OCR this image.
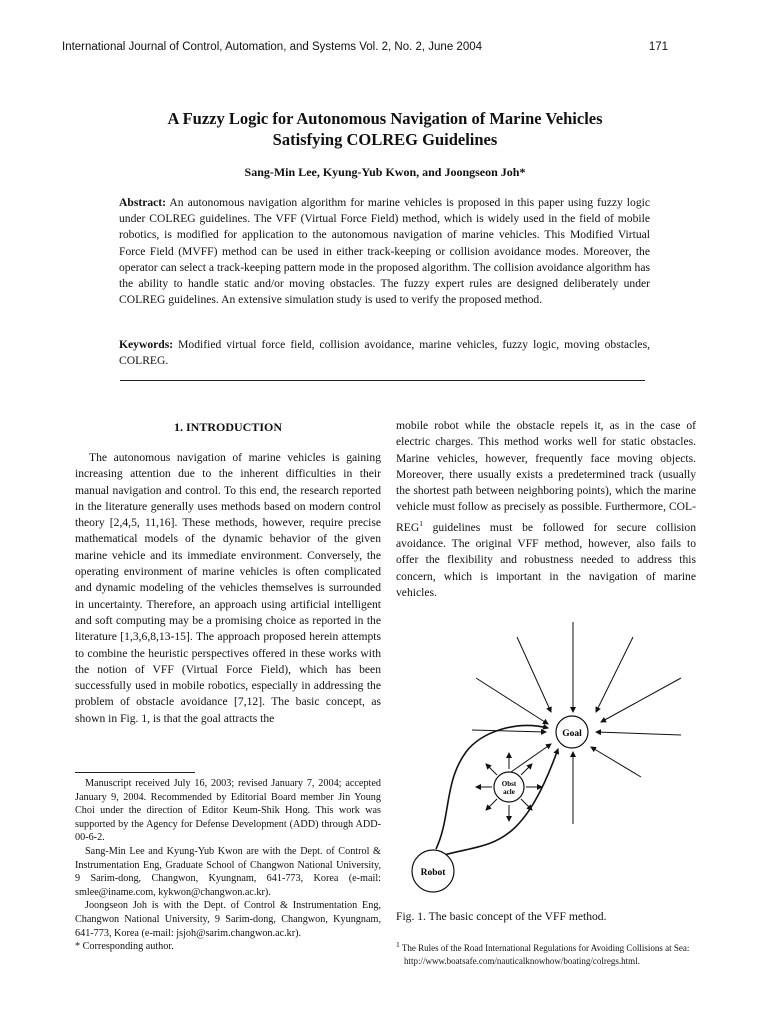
International Journal of Control, Automation, and Systems Vol. 2, No. 2, June 2004	171
A Fuzzy Logic for Autonomous Navigation of Marine Vehicles
Satisfying COLREG Guidelines
Sang-Min Lee, Kyung-Yub Kwon, and Joongseon Joh*
Abstract: An autonomous navigation algorithm for marine vehicles is proposed in this paper using fuzzy logic under COLREG guidelines. The VFF (Virtual Force Field) method, which is widely used in the field of mobile robotics, is modified for application to the autonomous navigation of marine vehicles. This Modified Virtual Force Field (MVFF) method can be used in either track-keeping or collision avoidance modes. Moreover, the operator can select a track-keeping pattern mode in the proposed algorithm. The collision avoidance algorithm has the ability to handle static and/or moving obstacles. The fuzzy expert rules are designed deliberately under COLREG guidelines. An extensive simulation study is used to verify the proposed method.
Keywords: Modified virtual force field, collision avoidance, marine vehicles, fuzzy logic, moving obstacles, COLREG.
1. INTRODUCTION
The autonomous navigation of marine vehicles is gaining increasing attention due to the inherent difficulties in their manual navigation and control. To this end, the research reported in the literature generally uses methods based on modern control theory [2,4,5, 11,16]. These methods, however, require precise mathematical models of the dynamic behavior of the given marine vehicle and its immediate environment. Conversely, the operating environment of marine vehicles is often complicated and dynamic modeling of the vehicles themselves is surrounded in uncertainty. Therefore, an approach using artificial intelligent and soft computing may be a promising choice as reported in the literature [1,3,6,8,13-15]. The approach proposed herein attempts to combine the heuristic perspectives offered in these works with the notion of VFF (Virtual Force Field), which has been successfully used in mobile robotics, especially in addressing the problem of obstacle avoidance [7,12]. The basic concept, as shown in Fig. 1, is that the goal attracts the
mobile robot while the obstacle repels it, as in the case of electric charges. This method works well for static obstacles. Marine vehicles, however, frequently face moving objects. Moreover, there usually exists a predetermined track (usually the shortest path between neighboring points), which the marine vehicle must follow as precisely as possible. Furthermore, COL-REG$^1$ guidelines must be followed for secure collision avoidance. The original VFF method, however, also fails to offer the flexibility and robustness needed to address this concern, which is important in the navigation of marine vehicles.

Manuscript received July 16, 2003; revised January 7, 2004; accepted January 9, 2004. Recommended by Editorial Board member Jin Young Choi under the direction of Editor Keum-Shik Hong. This work was supported by the Agency for Defense Development (ADD) through ADD-00-6-2.

Sang-Min Lee and Kyung-Yub Kwon are with the Dept. of Control & Instrumentation Eng, Graduate School of Changwon National University, 9 Sarim-dong, Changwon, Kyungnam, 641-773, Korea (e-mail: smlee@iname.com, kykwon@changwon.ac.kr).

Joongseon Joh is with the Dept. of Control & Instrumentation Eng, Changwon National University, 9 Sarim-dong, Changwon, Kyungnam, 641-773, Korea (e-mail: jsjoh@sarim.changwon.ac.kr).

* Corresponding author.

Goal
Obst
acle
Robot
Fig. 1. The basic concept of the VFF method.
$^1$ The Rules of the Road International Regulations for Avoiding Collisions at Sea:
http://www.boatsafe.com/nauticalknowhow/boating/colregs.html.
